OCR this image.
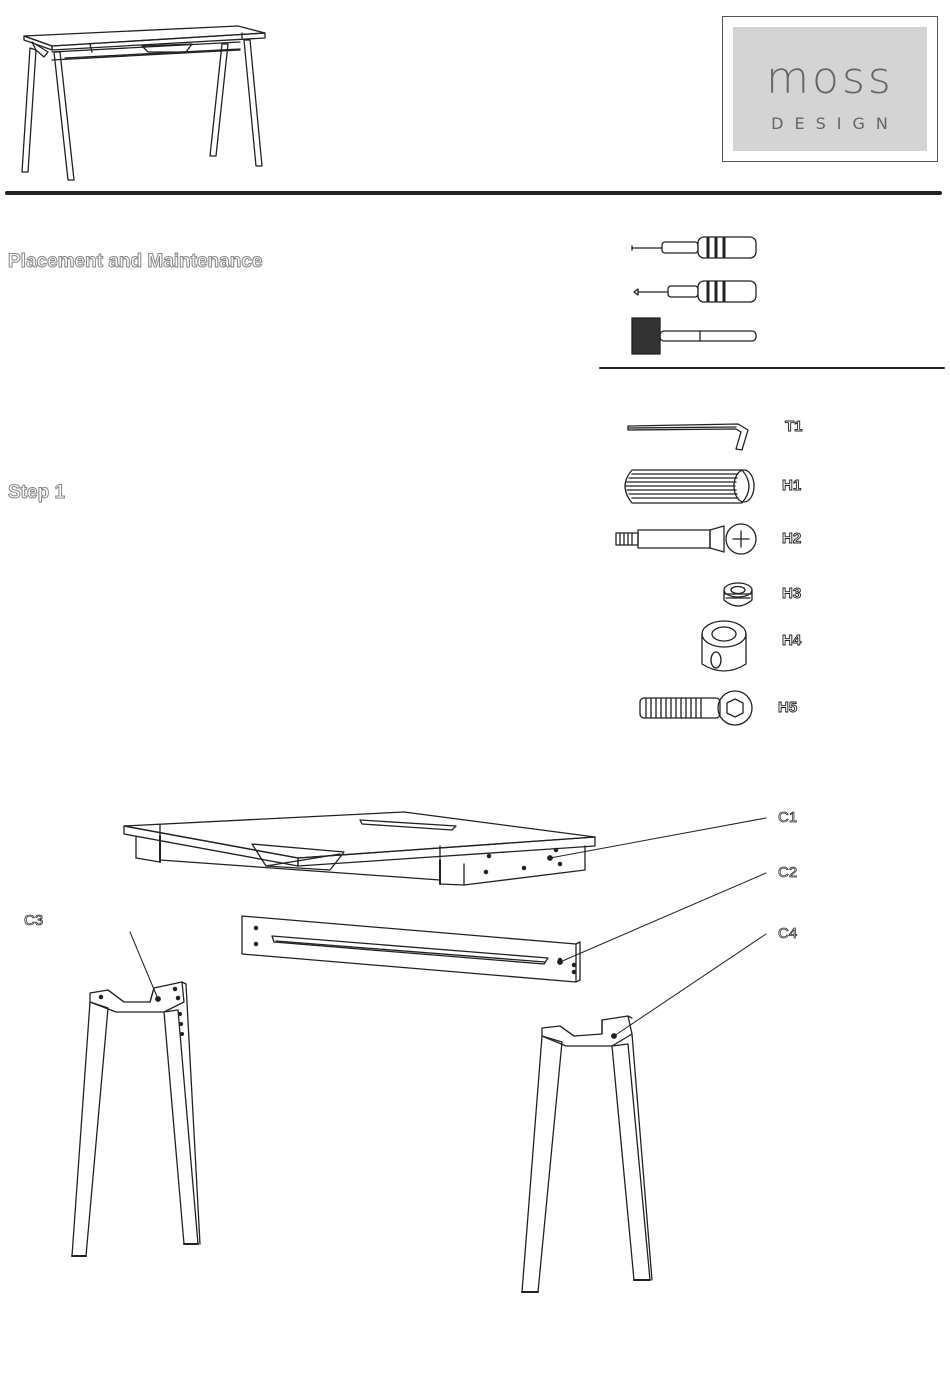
moss
DESIGN
Placement and Maintenance
Step 1
T1
H1
H2
H3
H4
H5
C1
C2
C3
C4
